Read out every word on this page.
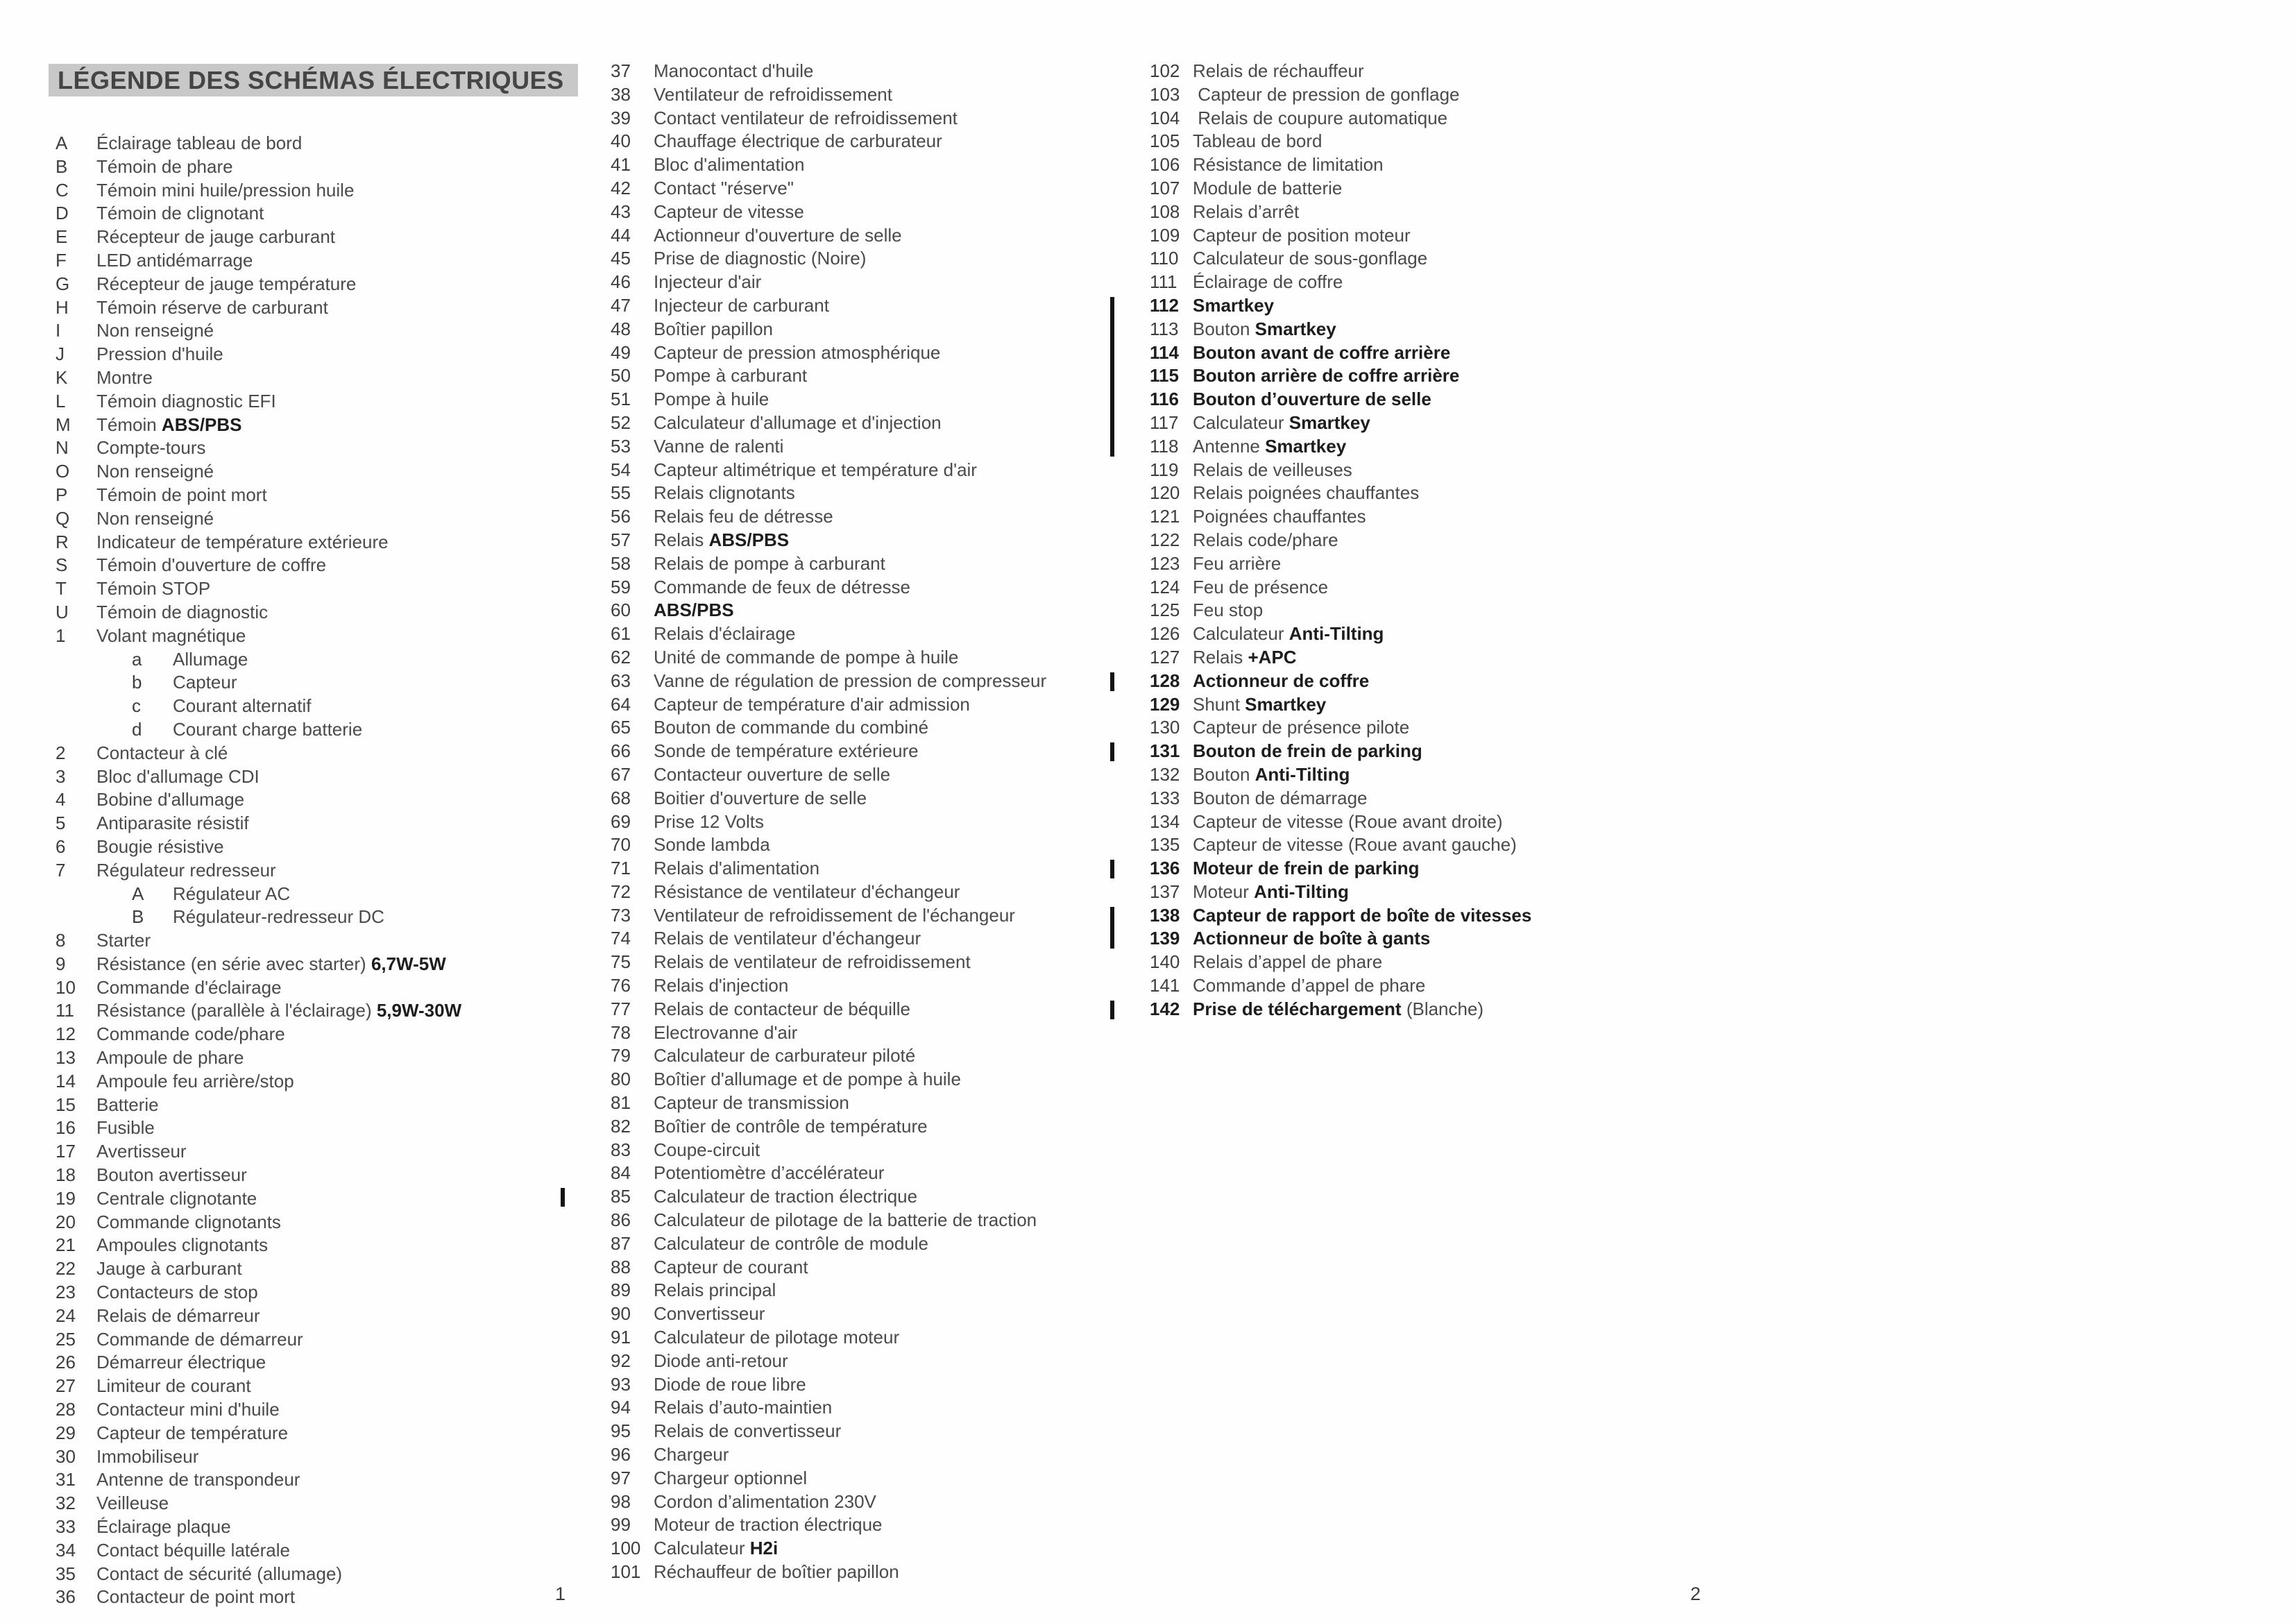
LÉGENDE DES SCHÉMAS ÉLECTRIQUES
A	Éclairage tableau de bord
B	Témoin de phare
C	Témoin mini huile/pression huile
D	Témoin de clignotant
E	Récepteur de jauge carburant
F	LED antidémarrage
G	Récepteur de jauge température
H	Témoin réserve de carburant
I	Non renseigné
J	Pression d'huile
K	Montre
L	Témoin diagnostic EFI
M	Témoin ABS/PBS
N	Compte-tours
O	Non renseigné
P	Témoin de point mort
Q	Non renseigné
R	Indicateur de température extérieure
S	Témoin d'ouverture de coffre
T	Témoin STOP
U	Témoin de diagnostic
1	Volant magnétique
a	Allumage
b	Capteur
c	Courant alternatif
d	Courant charge batterie
2	Contacteur à clé
3	Bloc d'allumage CDI
4	Bobine d'allumage
5	Antiparasite résistif
6	Bougie résistive
7	Régulateur redresseur
A	Régulateur AC
B	Régulateur-redresseur DC
8	Starter
9	Résistance (en série avec starter) 6,7W-5W
10	Commande d'éclairage
11	Résistance (parallèle à l'éclairage) 5,9W-30W
12	Commande code/phare
13	Ampoule de phare
14	Ampoule feu arrière/stop
15	Batterie
16	Fusible
17	Avertisseur
18	Bouton avertisseur
19	Centrale clignotante
20	Commande clignotants
21	Ampoules clignotants
22	Jauge à carburant
23	Contacteurs de stop
24	Relais de démarreur
25	Commande de démarreur
26	Démarreur électrique
27	Limiteur de courant
28	Contacteur mini d'huile
29	Capteur de température
30	Immobiliseur
31	Antenne de transpondeur
32	Veilleuse
33	Éclairage plaque
34	Contact béquille latérale
35	Contact de sécurité (allumage)
36	Contacteur de point mort
37	Manocontact d'huile
38	Ventilateur de refroidissement
39	Contact ventilateur de refroidissement
40	Chauffage électrique de carburateur
41	Bloc d'alimentation
42	Contact "réserve"
43	Capteur de vitesse
44	Actionneur d'ouverture de selle
45	Prise de diagnostic (Noire)
46	Injecteur d'air
47	Injecteur de carburant
48	Boîtier papillon
49	Capteur de pression atmosphérique
50	Pompe à carburant
51	Pompe à huile
52	Calculateur d'allumage et d'injection
53	Vanne de ralenti
54	Capteur altimétrique et température d'air
55	Relais clignotants
56	Relais feu de détresse
57	Relais ABS/PBS
58	Relais de pompe à carburant
59	Commande de feux de détresse
60	ABS/PBS
61	Relais d'éclairage
62	Unité de commande de pompe à huile
63	Vanne de régulation de pression de compresseur
64	Capteur de température d'air admission
65	Bouton de commande du combiné
66	Sonde de température extérieure
67	Contacteur ouverture de selle
68	Boitier d'ouverture de selle
69	Prise 12 Volts
70	Sonde lambda
71	Relais d'alimentation
72	Résistance de ventilateur d'échangeur
73	Ventilateur de refroidissement de l'échangeur
74	Relais de ventilateur d'échangeur
75	Relais de ventilateur de refroidissement
76	Relais d'injection
77	Relais de contacteur de béquille
78	Electrovanne d'air
79	Calculateur de carburateur piloté
80	Boîtier d'allumage et de pompe à huile
81	Capteur de transmission
82	Boîtier de contrôle de température
83	Coupe-circuit
84	Potentiomètre d’accélérateur
85	Calculateur de traction électrique
86	Calculateur de pilotage de la batterie de traction
87	Calculateur de contrôle de module
88	Capteur de courant
89	Relais principal
90	Convertisseur
91	Calculateur de pilotage moteur
92	Diode anti-retour
93	Diode de roue libre
94	Relais d’auto-maintien
95	Relais de convertisseur
96	Chargeur
97	Chargeur optionnel
98	Cordon d’alimentation 230V
99	Moteur de traction électrique
100 Calculateur H2i
101 Réchauffeur de boîtier papillon
102 Relais de réchauffeur
103 Capteur de pression de gonflage
104 Relais de coupure automatique
105 Tableau de bord
106 Résistance de limitation
107 Module de batterie
108 Relais d’arrêt
109 Capteur de position moteur
110 Calculateur de sous-gonflage
111 Éclairage de coffre
112 Smartkey
113 Bouton Smartkey
114 Bouton avant de coffre arrière
115 Bouton arrière de coffre arrière
116 Bouton d’ouverture de selle
117 Calculateur Smartkey
118 Antenne Smartkey
119 Relais de veilleuses
120 Relais poignées chauffantes
121 Poignées chauffantes
122 Relais code/phare
123 Feu arrière
124 Feu de présence
125 Feu stop
126 Calculateur Anti-Tilting
127 Relais +APC
128 Actionneur de coffre
129 Shunt Smartkey
130 Capteur de présence pilote
131 Bouton de frein de parking
132 Bouton Anti-Tilting
133 Bouton de démarrage
134 Capteur de vitesse (Roue avant droite)
135 Capteur de vitesse (Roue avant gauche)
136 Moteur de frein de parking
137 Moteur Anti-Tilting
138 Capteur de rapport de boîte de vitesses
139 Actionneur de boîte à gants
140 Relais d’appel de phare
141 Commande d’appel de phare
142 Prise de téléchargement (Blanche)
1	2
